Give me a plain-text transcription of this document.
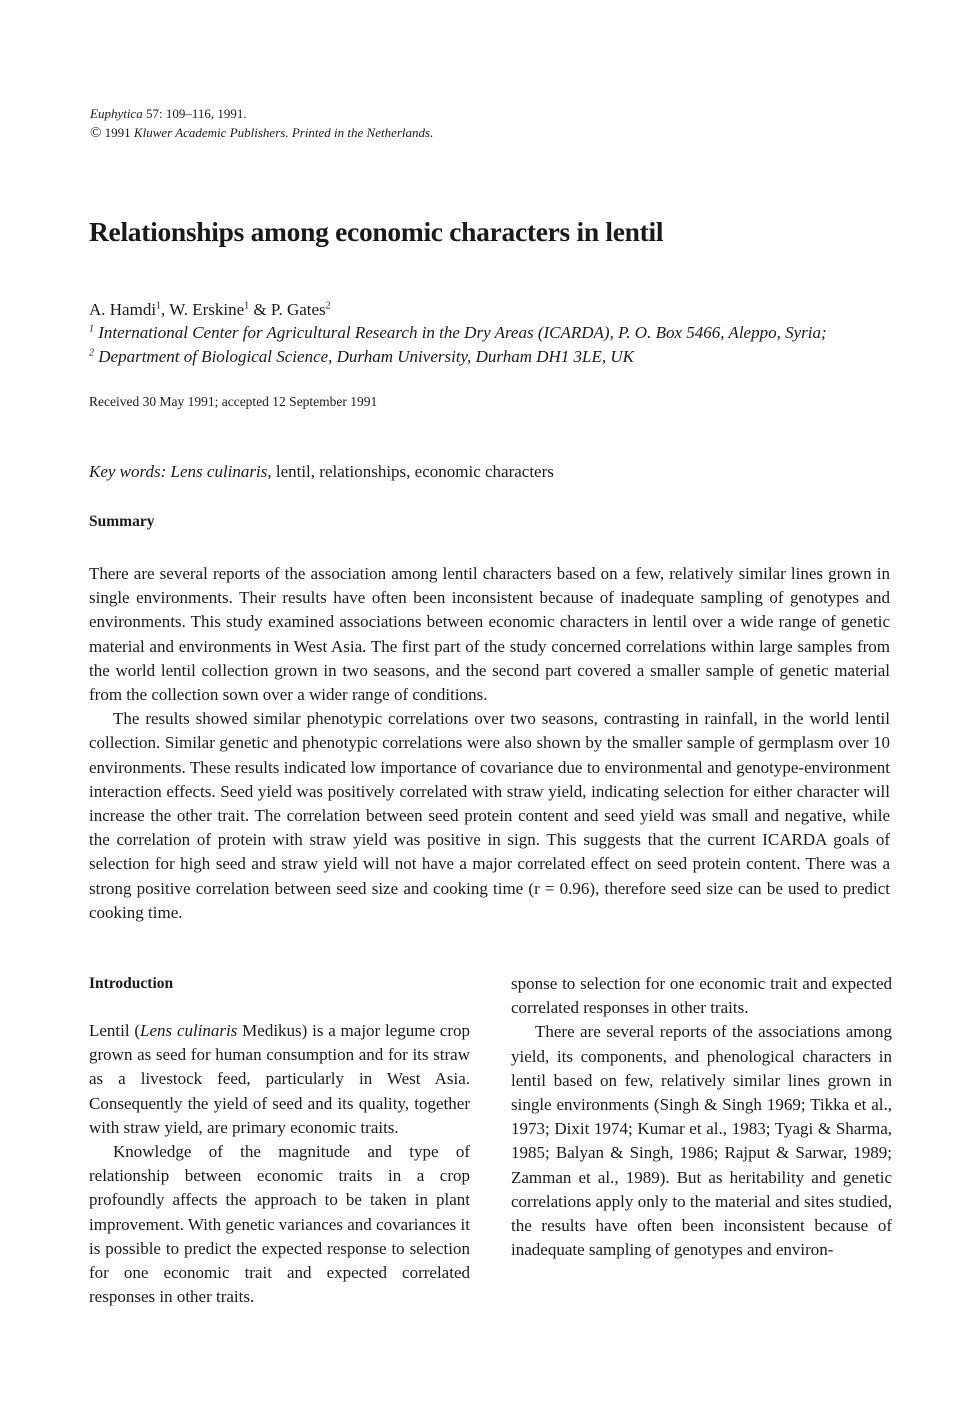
Euphytica 57: 109–116, 1991.
© 1991 Kluwer Academic Publishers. Printed in the Netherlands.
Relationships among economic characters in lentil
A. Hamdi$^1$, W. Erskine$^1$ & P. Gates$^2$
$^1$ International Center for Agricultural Research in the Dry Areas (ICARDA), P. O. Box 5466, Aleppo, Syria;
$^2$ Department of Biological Science, Durham University, Durham DH1 3LE, UK
Received 30 May 1991; accepted 12 September 1991
Key words: Lens culinaris, lentil, relationships, economic characters
Summary

There are several reports of the association among lentil characters based on a few, relatively similar lines grown in single environments. Their results have often been inconsistent because of inadequate sampling of genotypes and environments. This study examined associations between economic characters in lentil over a wide range of genetic material and environments in West Asia. The first part of the study concerned correlations within large samples from the world lentil collection grown in two seasons, and the second part covered a smaller sample of genetic material from the collection sown over a wider range of conditions.

The results showed similar phenotypic correlations over two seasons, contrasting in rainfall, in the world lentil collection. Similar genetic and phenotypic correlations were also shown by the smaller sample of germplasm over 10 environments. These results indicated low importance of covariance due to environmental and genotype-environment interaction effects. Seed yield was positively correlated with straw yield, indicating selection for either character will increase the other trait. The correlation between seed protein content and seed yield was small and negative, while the correlation of protein with straw yield was positive in sign. This suggests that the current ICARDA goals of selection for high seed and straw yield will not have a major correlated effect on seed protein content. There was a strong positive correlation between seed size and cooking time (r = 0.96), therefore seed size can be used to predict cooking time.

Introduction

Lentil (Lens culinaris Medikus) is a major legume crop grown as seed for human consumption and for its straw as a livestock feed, particularly in West Asia. Consequently the yield of seed and its quality, together with straw yield, are primary economic traits.

Knowledge of the magnitude and type of relationship between economic traits in a crop profoundly affects the approach to be taken in plant improvement. With genetic variances and covariances it is possible to predict the expected response to selection for one economic trait and expected correlated responses in other traits.

sponse to selection for one economic trait and expected correlated responses in other traits.

There are several reports of the associations among yield, its components, and phenological characters in lentil based on few, relatively similar lines grown in single environments (Singh & Singh 1969; Tikka et al., 1973; Dixit 1974; Kumar et al., 1983; Tyagi & Sharma, 1985; Balyan & Singh, 1986; Rajput & Sarwar, 1989; Zamman et al., 1989). But as heritability and genetic correlations apply only to the material and sites studied, the results have often been inconsistent because of inadequate sampling of genotypes and environ-
